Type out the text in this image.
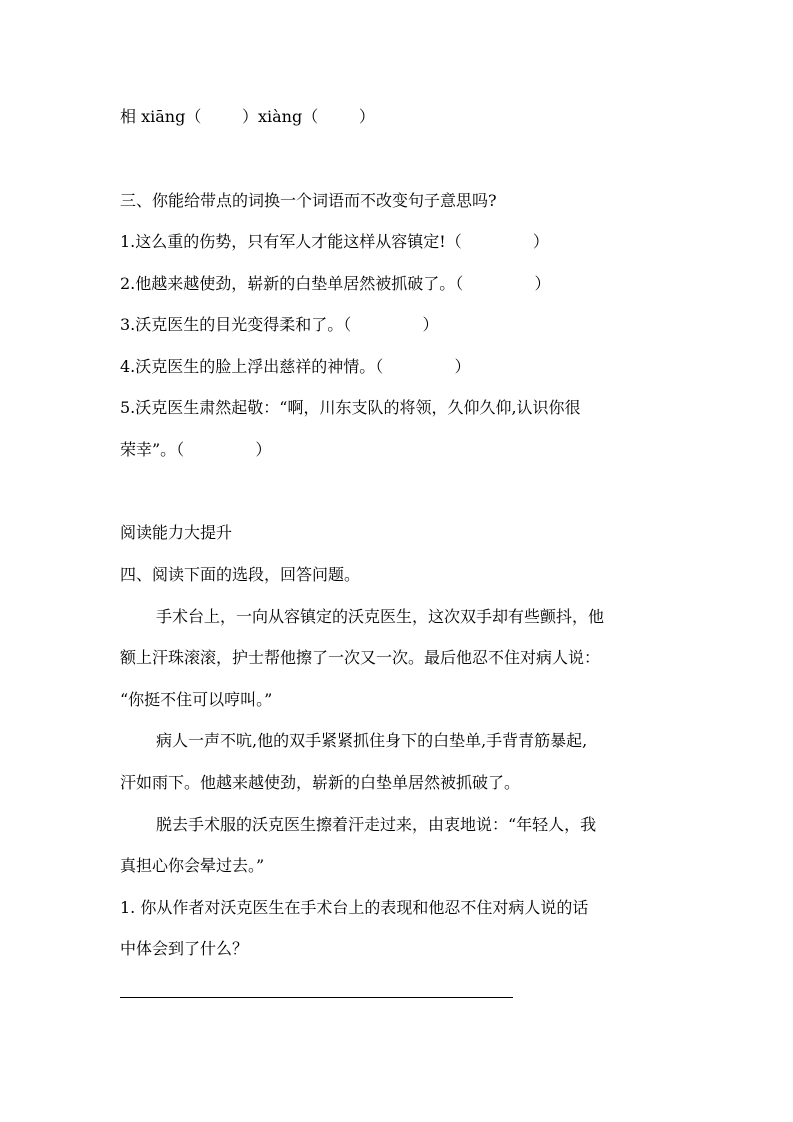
相 xiāng（        ）xiàng（        ）
三、你能给带点的词换一个词语而不改变句子意思吗?
1.这么重的伤势，只有军人才能这样从容镇定!（              ）
2.他越来越使劲，崭新的白垫单居然被抓破了。（              ）
3.沃克医生的目光变得柔和了。（              ）
4.沃克医生的脸上浮出慈祥的神情。（              ）
5.沃克医生肃然起敬：“啊，川东支队的将领，久仰久仰,认识你很
荣幸”。（              ）
阅读能力大提升
四、阅读下面的选段，回答问题。
手术台上，一向从容镇定的沃克医生，这次双手却有些颤抖，他
额上汗珠滚滚，护士帮他擦了一次又一次。最后他忍不住对病人说：
“你挺不住可以哼叫。”
病人一声不吭,他的双手紧紧抓住身下的白垫单,手背青筋暴起,
汗如雨下。他越来越使劲，崭新的白垫单居然被抓破了。
脱去手术服的沃克医生擦着汗走过来，由衷地说：“年轻人，我
真担心你会晕过去。”
1. 你从作者对沃克医生在手术台上的表现和他忍不住对病人说的话
中体会到了什么？
